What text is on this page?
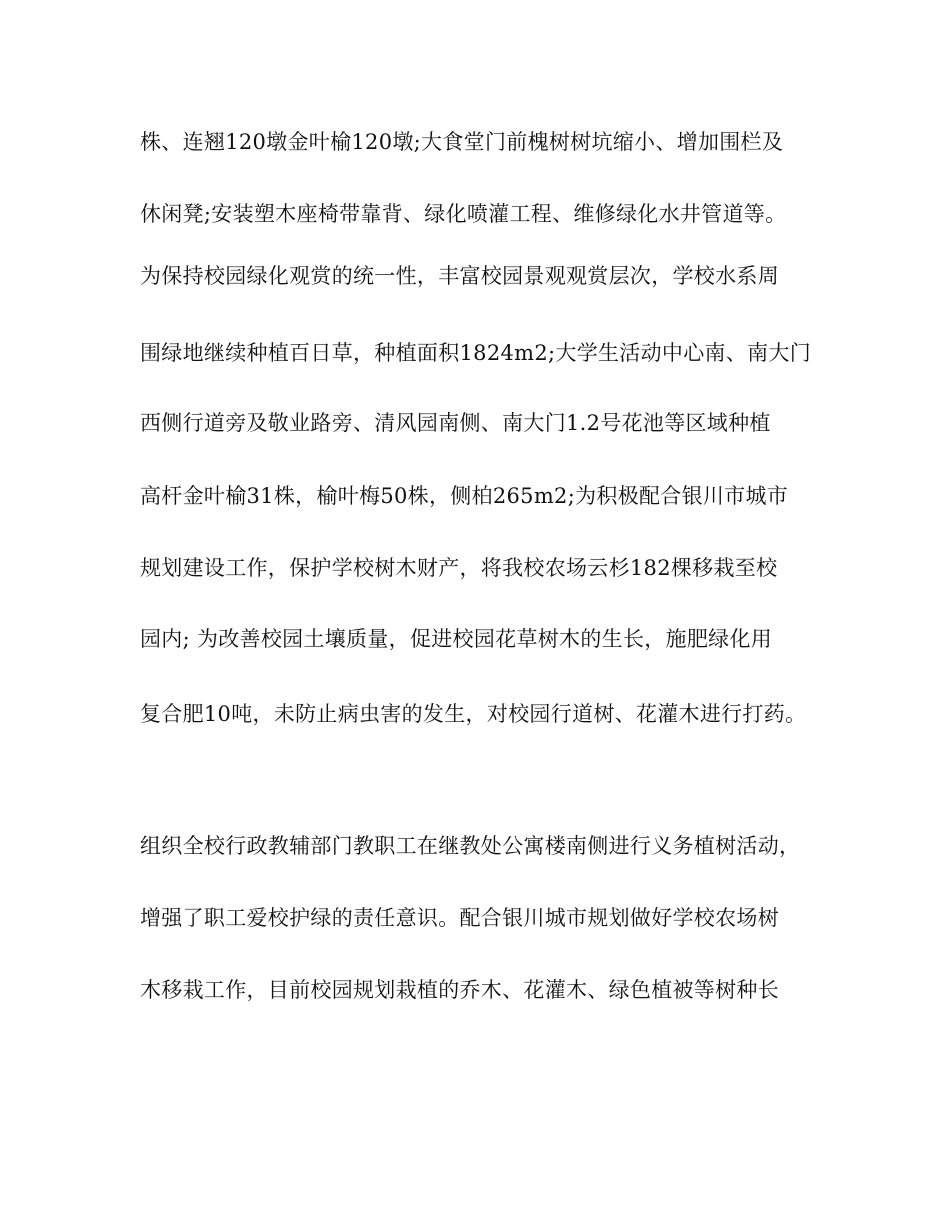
株、连翘120墩金叶榆120墩;大食堂门前槐树树坑缩小、增加围栏及

休闲凳;安装塑木座椅带靠背、绿化喷灌工程、维修绿化水井管道等。

为保持校园绿化观赏的统一性，丰富校园景观观赏层次，学校水系周

围绿地继续种植百日草，种植面积1824m2;大学生活动中心南、南大门

西侧行道旁及敬业路旁、清风园南侧、南大门1.2号花池等区域种植

高杆金叶榆31株，榆叶梅50株，侧柏265m2;为积极配合银川市城市

规划建设工作，保护学校树木财产，将我校农场云杉182棵移栽至校

园内; 为改善校园土壤质量，促进校园花草树木的生长，施肥绿化用

复合肥10吨，未防止病虫害的发生，对校园行道树、花灌木进行打药。

组织全校行政教辅部门教职工在继教处公寓楼南侧进行义务植树活动，

增强了职工爱校护绿的责任意识。配合银川城市规划做好学校农场树

木移栽工作，目前校园规划栽植的乔木、花灌木、绿色植被等树种长
